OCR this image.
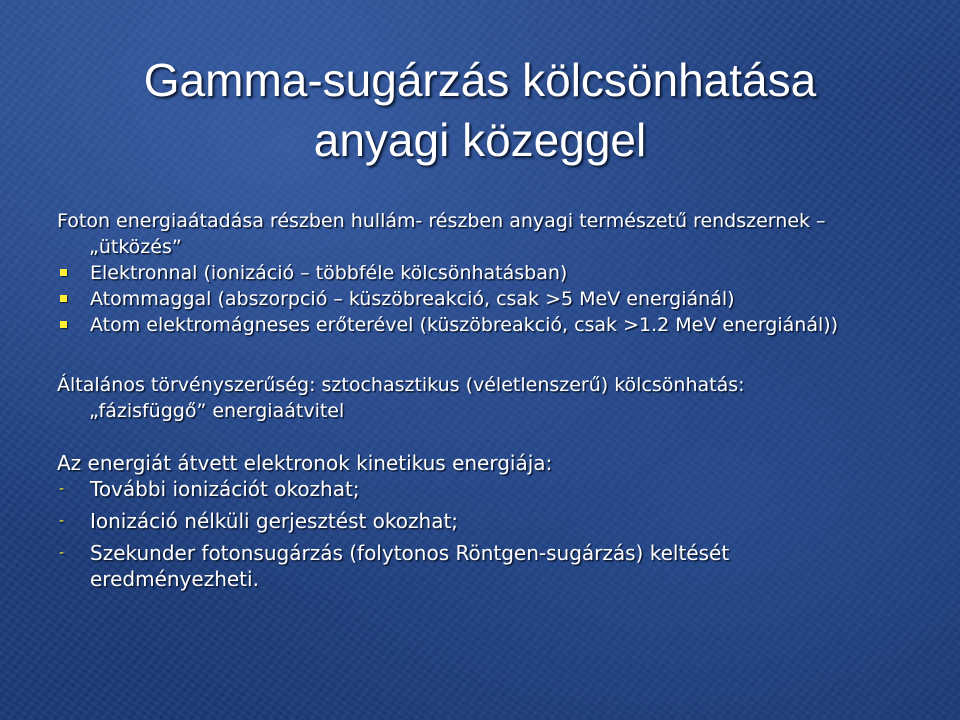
Gamma-sugárzás kölcsönhatása
anyagi közeggel
Foton energiaátadása részben hullám- részben anyagi természetű rendszernek –
„ütközés”
Elektronnal (ionizáció – többféle kölcsönhatásban)
Atommaggal (abszorpció – küszöbreakció, csak >5 MeV energiánál)
Atom elektromágneses erőterével (küszöbreakció, csak >1.2 MeV energiánál))
Általános törvényszerűség: sztochasztikus (véletlenszerű) kölcsönhatás:
„fázisfüggő” energiaátvitel
Az energiát átvett elektronok kinetikus energiája:
- További ionizációt okozhat;
- Ionizáció nélküli gerjesztést okozhat;
- Szekunder fotonsugárzás (folytonos Röntgen-sugárzás) keltését
eredményezheti.
